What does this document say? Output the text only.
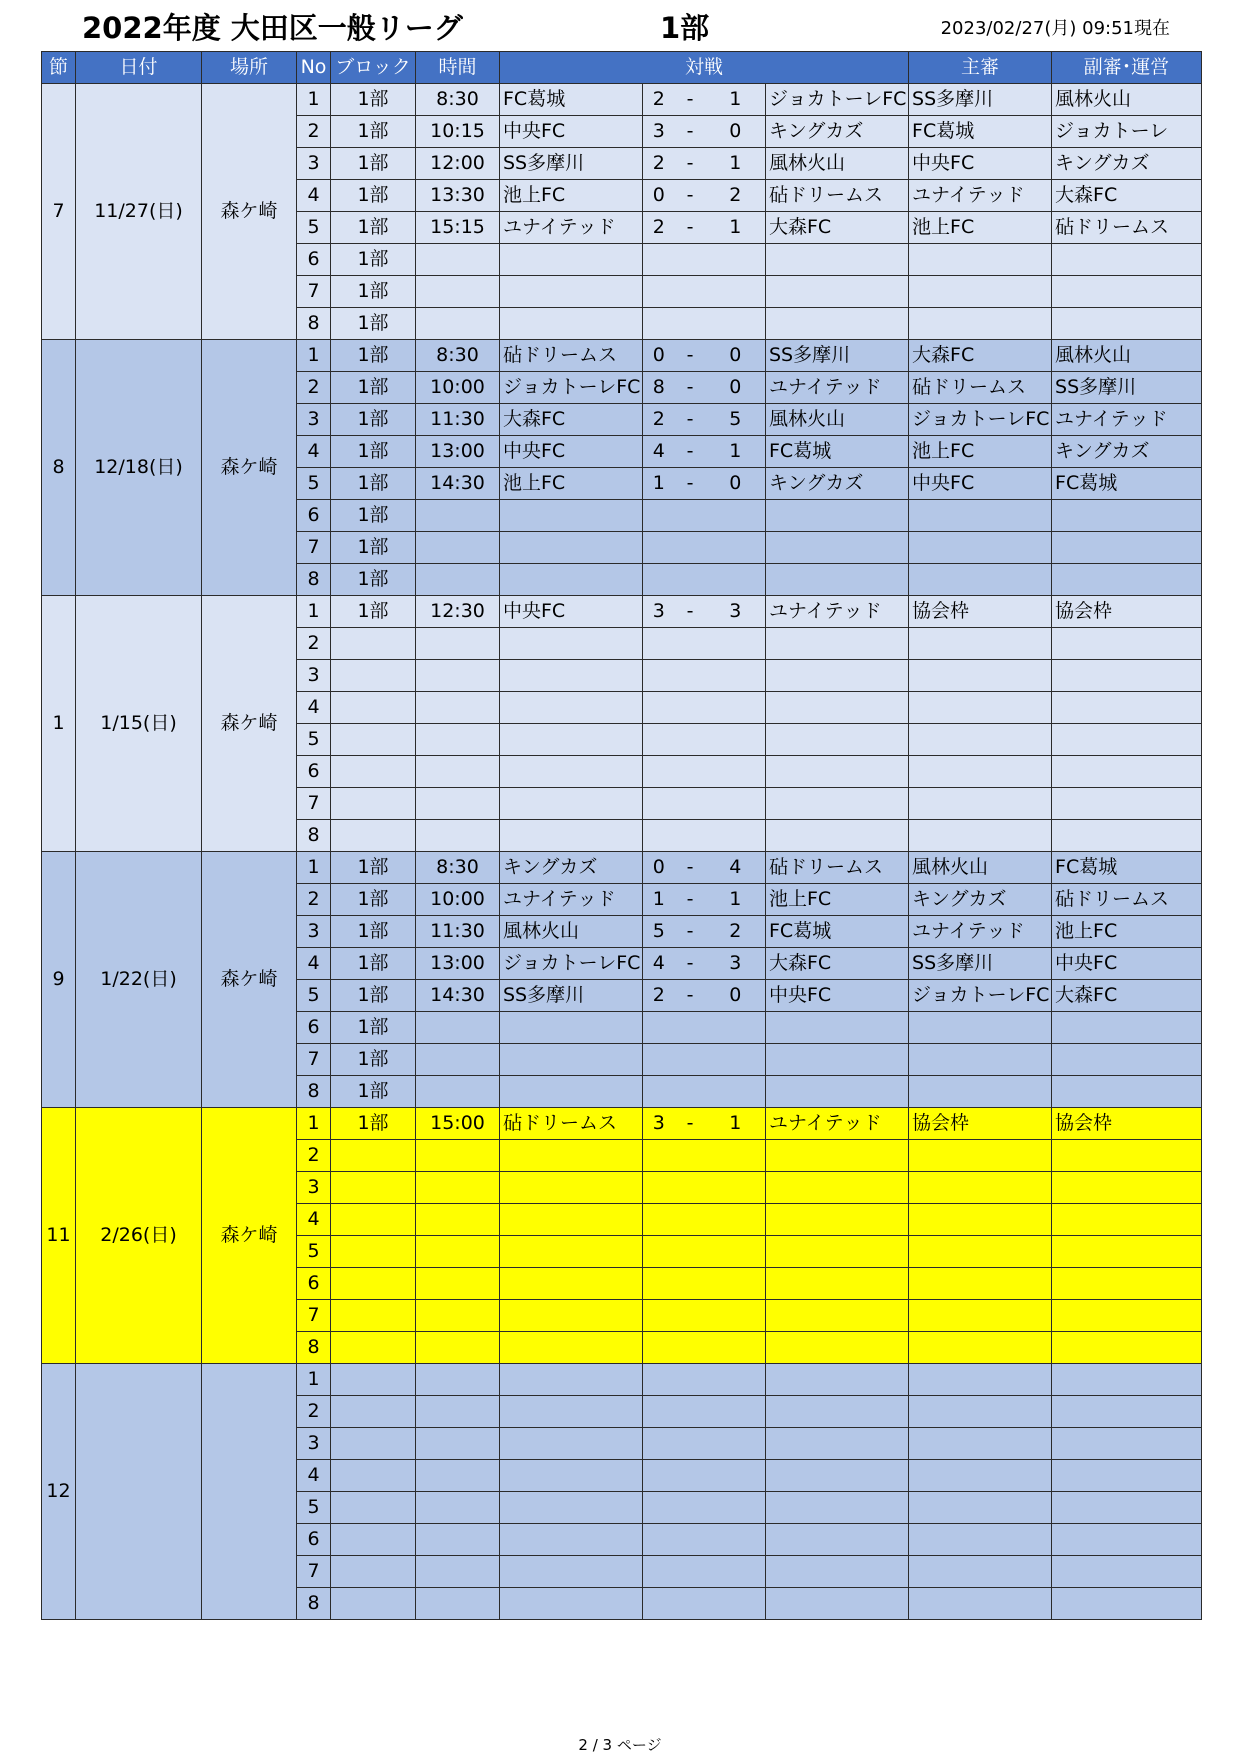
2022年度 大田区一般リーグ	1部	2023/02/27(月) 09:51現在
節	日付	場所	No	ブロック	時間	対戦					主審	副審･運営
7	11/27(日)	森ケ崎	1	1部	8:30	FC葛城	2	-	1	ジョカトーレFC	SS多摩川	風林火山
			2	1部	10:15	中央FC	3	-	0	キングカズ	FC葛城	ジョカトーレ
			3	1部	12:00	SS多摩川	2	-	1	風林火山	中央FC	キングカズ
			4	1部	13:30	池上FC	0	-	2	砧ドリームス	ユナイテッド	大森FC
			5	1部	15:15	ユナイテッド	2	-	1	大森FC	池上FC	砧ドリームス
			6	1部								
			7	1部								
			8	1部								
8	12/18(日)	森ケ崎	1	1部	8:30	砧ドリームス	0	-	0	SS多摩川	大森FC	風林火山
			2	1部	10:00	ジョカトーレFC	8	-	0	ユナイテッド	砧ドリームス	SS多摩川
			3	1部	11:30	大森FC	2	-	5	風林火山	ジョカトーレFC	ユナイテッド
			4	1部	13:00	中央FC	4	-	1	FC葛城	池上FC	キングカズ
			5	1部	14:30	池上FC	1	-	0	キングカズ	中央FC	FC葛城
			6	1部								
			7	1部								
			8	1部								
1	1/15(日)	森ケ崎	1	1部	12:30	中央FC	3	-	3	ユナイテッド	協会枠	協会枠
			2									
			3									
			4									
			5									
			6									
			7									
			8									
9	1/22(日)	森ケ崎	1	1部	8:30	キングカズ	0	-	4	砧ドリームス	風林火山	FC葛城
			2	1部	10:00	ユナイテッド	1	-	1	池上FC	キングカズ	砧ドリームス
			3	1部	11:30	風林火山	5	-	2	FC葛城	ユナイテッド	池上FC
			4	1部	13:00	ジョカトーレFC	4	-	3	大森FC	SS多摩川	中央FC
			5	1部	14:30	SS多摩川	2	-	0	中央FC	ジョカトーレFC	大森FC
			6	1部								
			7	1部								
			8	1部								
11	2/26(日)	森ケ崎	1	1部	15:00	砧ドリームス	3	-	1	ユナイテッド	協会枠	協会枠
			2									
			3									
			4									
			5									
			6									
			7									
			8									
12			1									
			2									
			3									
			4									
			5									
			6									
			7									
			8									
2 / 3 ページ
